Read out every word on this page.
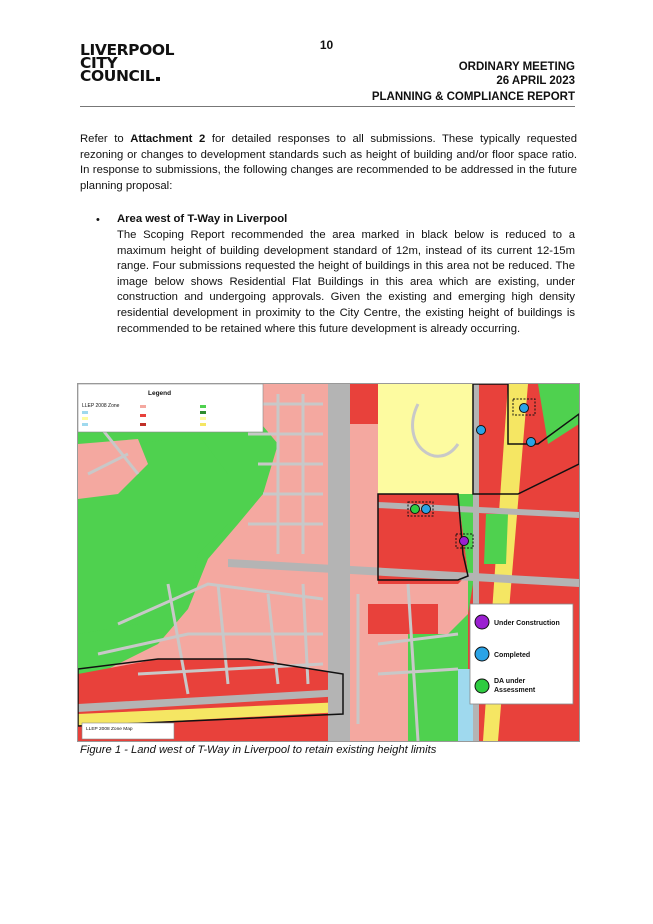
10
LIVERPOOL
CITY
COUNCIL	ORDINARY MEETING
26 APRIL 2023
PLANNING & COMPLIANCE REPORT

Refer to Attachment 2 for detailed responses to all submissions. These typically requested rezoning or changes to development standards such as height of building and/or floor space ratio. In response to submissions, the following changes are recommended to be addressed in the future planning proposal:

• Area west of T-Way in Liverpool

The Scoping Report recommended the area marked in black below is reduced to a maximum height of building development standard of 12m, instead of its current 12-15m range. Four submissions requested the height of buildings in this area not be reduced. The image below shows Residential Flat Buildings in this area which are existing, under construction and undergoing approvals. Given the existing and emerging high density residential development in proximity to the City Centre, the existing height of buildings is recommended to be retained where this future development is already occurring.

Legend
LLEP 2008 Zone
LLEP 2008 Zone Map
Under Construction
Completed
DA under Assessment
Figure 1 - Land west of T-Way in Liverpool to retain existing height limits
